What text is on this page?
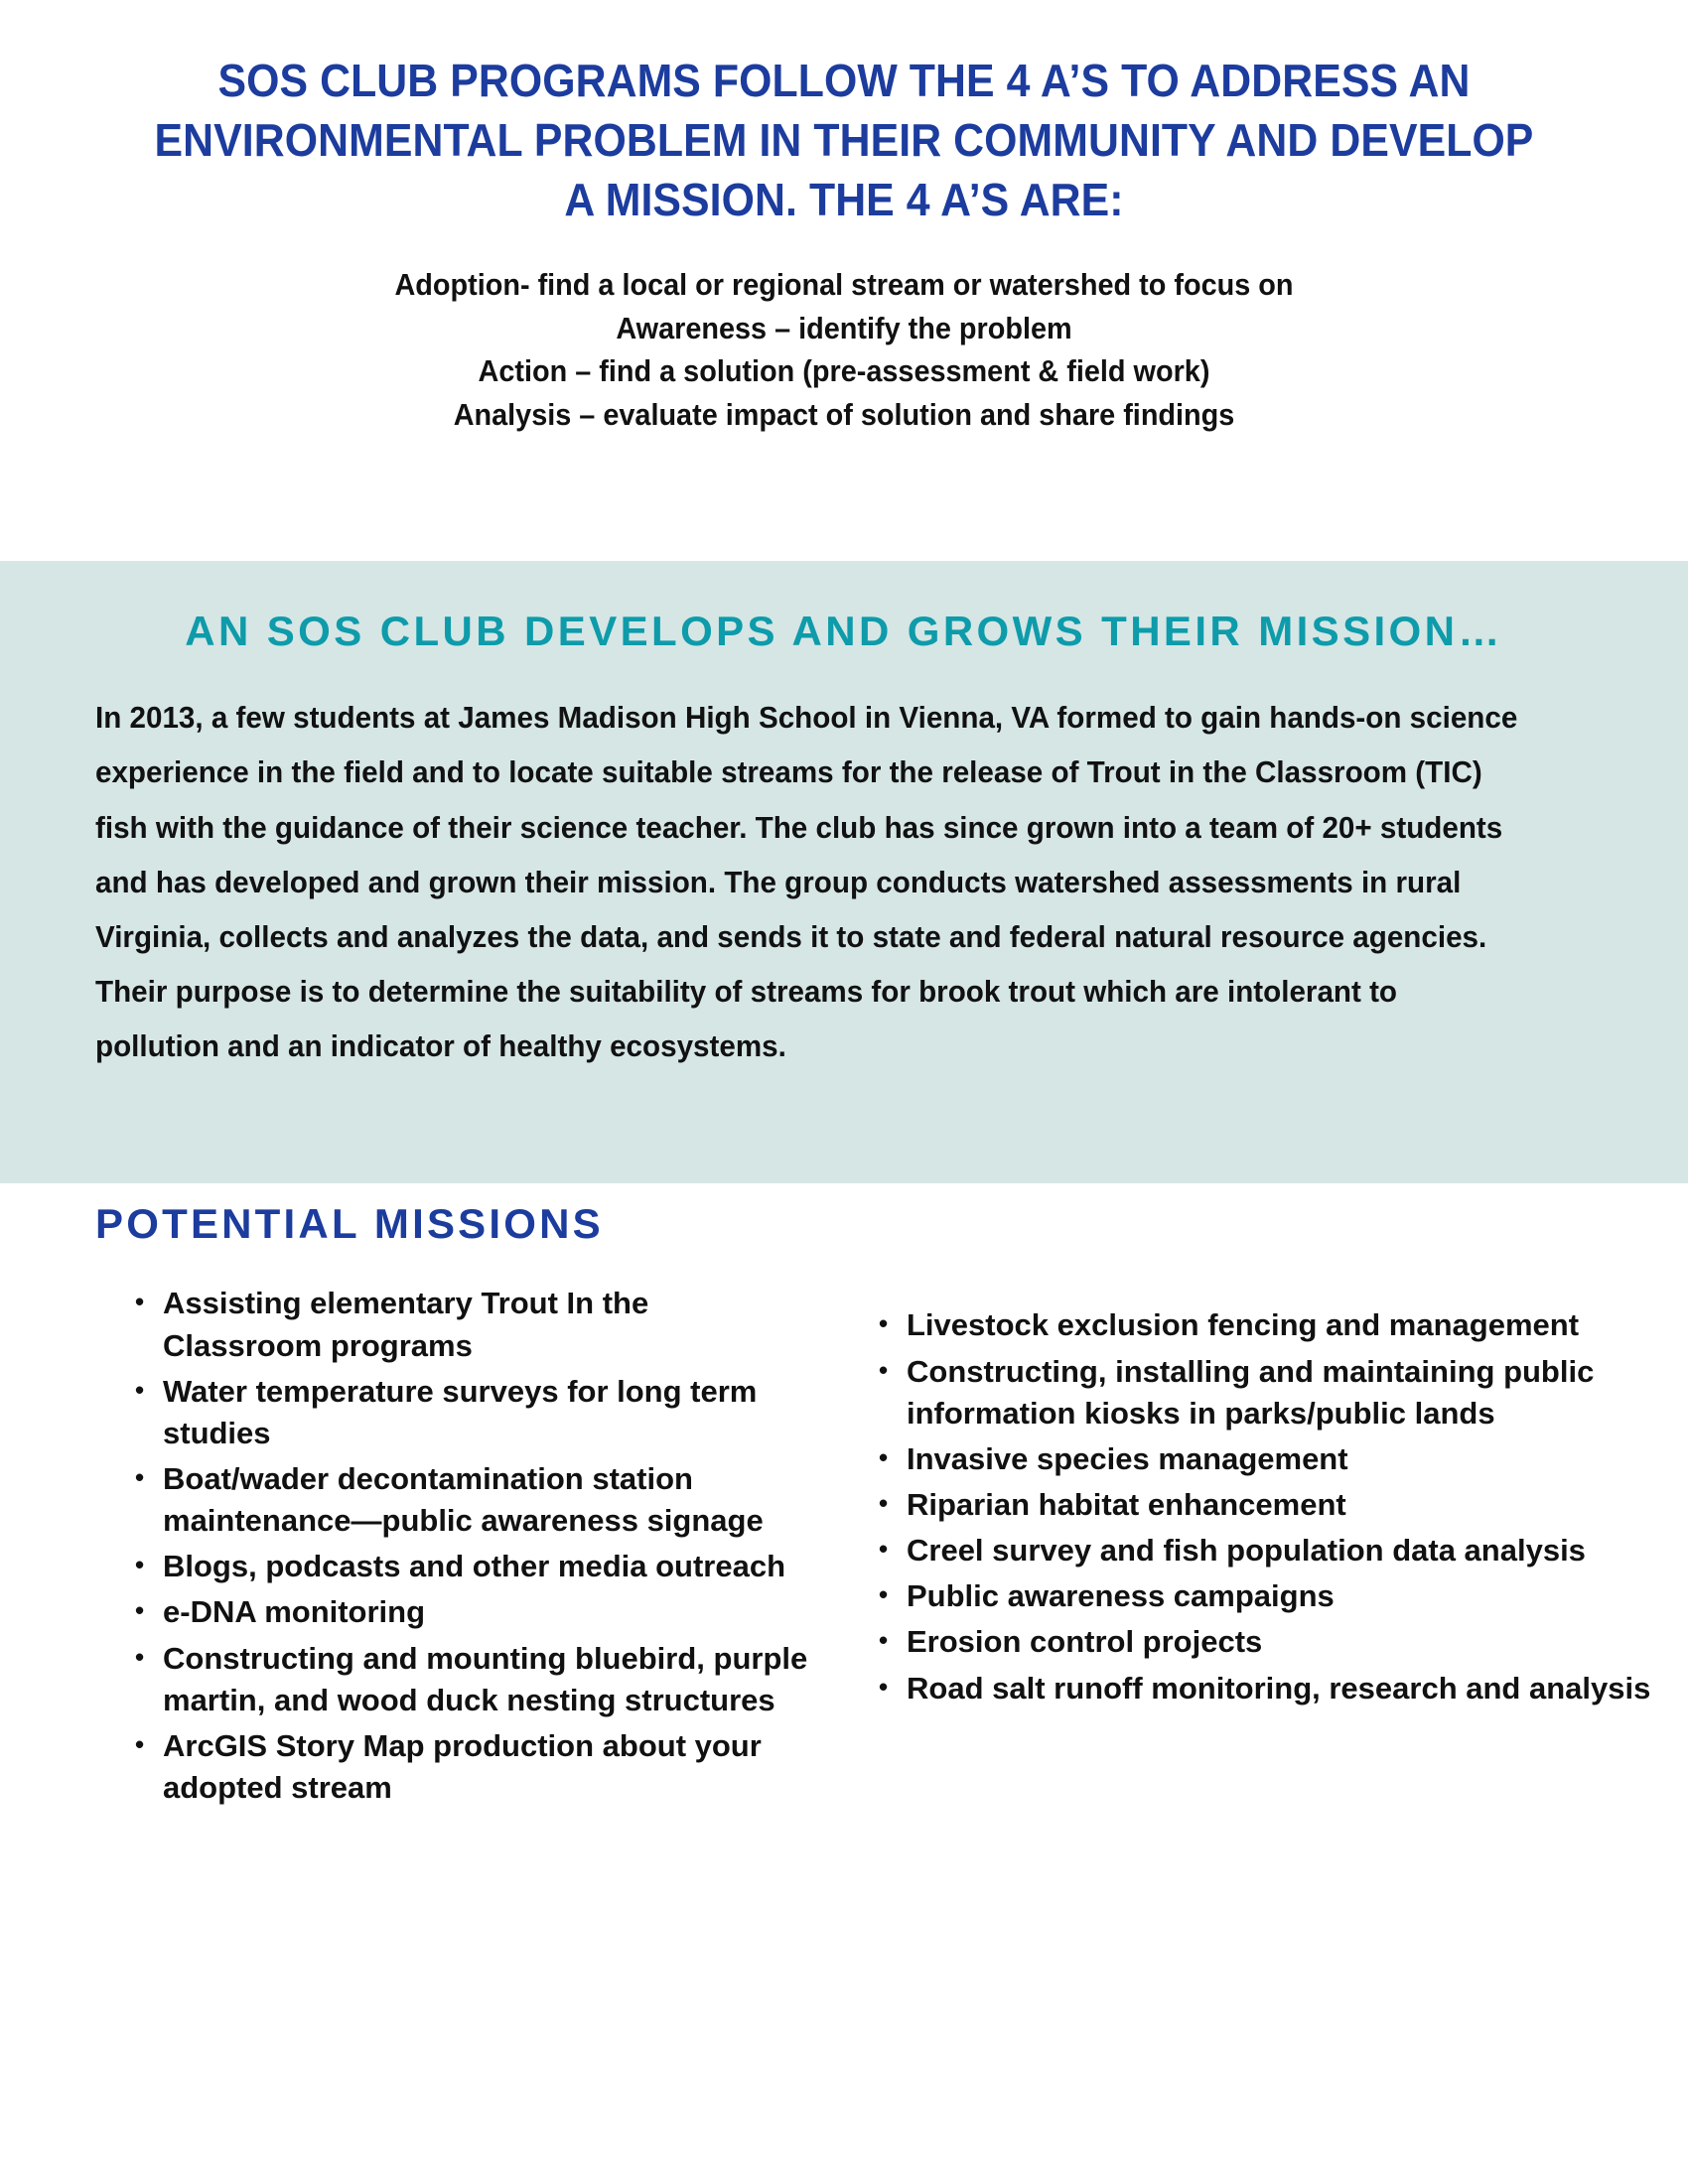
SOS CLUB PROGRAMS FOLLOW THE 4 A’S TO ADDRESS AN ENVIRONMENTAL PROBLEM IN THEIR COMMUNITY AND DEVELOP A MISSION. THE 4 A’S ARE:
Adoption- find a local or regional stream or watershed to focus on
Awareness – identify the problem
Action – find a solution (pre-assessment & field work)
Analysis – evaluate impact of solution and share findings
AN SOS CLUB DEVELOPS AND GROWS THEIR MISSION…

In 2013, a few students at James Madison High School in Vienna, VA formed to gain hands-on science experience in the field and to locate suitable streams for the release of Trout in the Classroom (TIC) fish with the guidance of their science teacher. The club has since grown into a team of 20+ students and has developed and grown their mission. The group conducts watershed assessments in rural Virginia, collects and analyzes the data, and sends it to state and federal natural resource agencies. Their purpose is to determine the suitability of streams for brook trout which are intolerant to pollution and an indicator of healthy ecosystems.

POTENTIAL MISSIONS
• Assisting elementary Trout In the Classroom programs
• Water temperature surveys for long term studies
• Boat/wader decontamination station maintenance—public awareness signage
• Blogs, podcasts and other media outreach
• e-DNA monitoring
• Constructing and mounting bluebird, purple martin, and wood duck nesting structures
• ArcGIS Story Map production about your adopted stream
• Livestock exclusion fencing and management
• Constructing, installing and maintaining public information kiosks in parks/public lands
• Invasive species management
• Riparian habitat enhancement
• Creel survey and fish population data analysis
• Public awareness campaigns
• Erosion control projects
• Road salt runoff monitoring, research and analysis
